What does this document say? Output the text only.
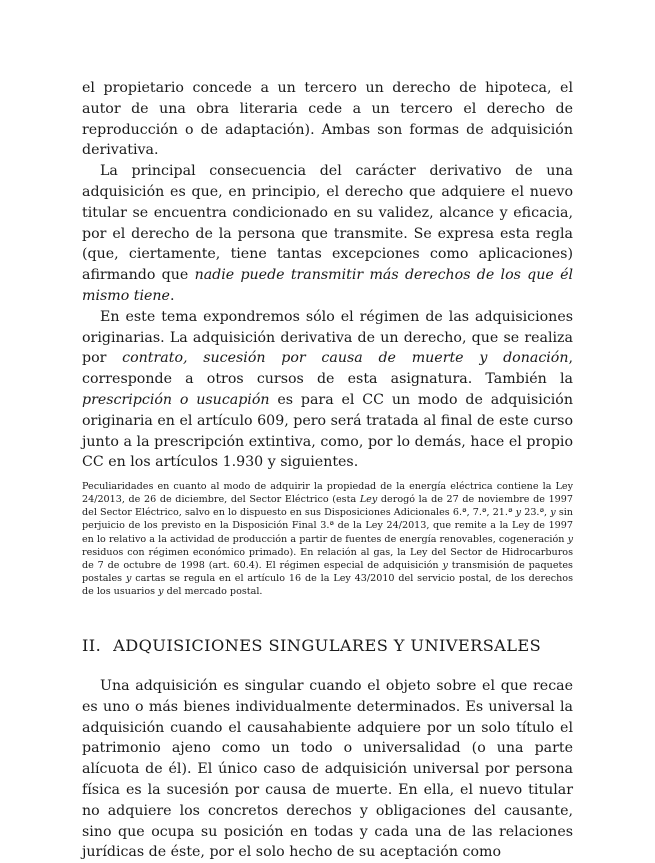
el propietario concede a un tercero un derecho de hipoteca, el autor de una obra literaria cede a un tercero el derecho de reproducción o de adaptación). Ambas son formas de adquisición derivativa.

La principal consecuencia del carácter derivativo de una adquisición es que, en principio, el derecho que adquiere el nuevo titular se encuentra condicionado en su validez, alcance y eficacia, por el derecho de la persona que transmite. Se expresa esta regla (que, ciertamente, tiene tantas excepciones como aplicaciones) afirmando que nadie puede transmitir más derechos de los que él mismo tiene.

En este tema expondremos sólo el régimen de las adquisiciones originarias. La adquisición derivativa de un derecho, que se realiza por contrato, sucesión por causa de muerte y donación, corresponde a otros cursos de esta asignatura. También la prescripción o usucapión es para el CC un modo de adquisición originaria en el artículo 609, pero será tratada al final de este curso junto a la prescripción extintiva, como, por lo demás, hace el propio CC en los artículos 1.930 y siguientes.

Peculiaridades en cuanto al modo de adquirir la propiedad de la energía eléctrica contiene la Ley 24/2013, de 26 de diciembre, del Sector Eléctrico (esta Ley derogó la de 27 de noviembre de 1997 del Sector Eléctrico, salvo en lo dispuesto en sus Disposiciones Adicionales 6.ª, 7.ª, 21.ª y 23.ª, y sin perjuicio de los previsto en la Disposición Final 3.ª de la Ley 24/2013, que remite a la Ley de 1997 en lo relativo a la actividad de producción a partir de fuentes de energía renovables, cogeneración y residuos con régimen económico primado). En relación al gas, la Ley del Sector de Hidrocarburos de 7 de octubre de 1998 (art. 60.4). El régimen especial de adquisición y transmisión de paquetes postales y cartas se regula en el artículo 16 de la Ley 43/2010 del servicio postal, de los derechos de los usuarios y del mercado postal.

II. ADQUISICIONES SINGULARES Y UNIVERSALES

Una adquisición es singular cuando el objeto sobre el que recae es uno o más bienes individualmente determinados. Es universal la adquisición cuando el causahabiente adquiere por un solo título el patrimonio ajeno como un todo o universalidad (o una parte alícuota de él). El único caso de adquisición universal por persona física es la sucesión por causa de muerte. En ella, el nuevo titular no adquiere los concretos derechos y obligaciones del causante, sino que ocupa su posición en todas y cada una de las relaciones jurídicas de éste, por el solo hecho de su aceptación como
